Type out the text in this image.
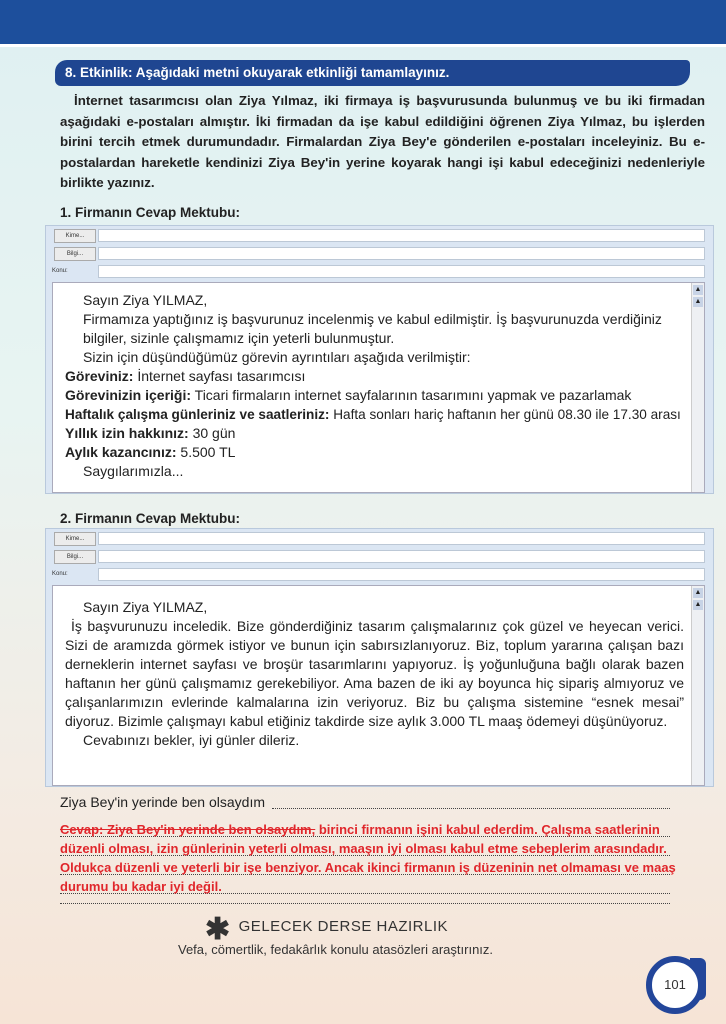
8. Etkinlik: Aşağıdaki metni okuyarak etkinliği tamamlayınız.
İnternet tasarımcısı olan Ziya Yılmaz, iki firmaya iş başvurusunda bulunmuş ve bu iki firmadan aşağıdaki e-postaları almıştır. İki firmadan da işe kabul edildiğini öğrenen Ziya Yılmaz, bu işlerden birini tercih etmek durumundadır. Firmalardan Ziya Bey'e gönderilen e-postaları inceleyiniz. Bu e-postalardan hareketle kendinizi Ziya Bey'in yerine koyarak hangi işi kabul edeceğinizi nedenleriyle birlikte yazınız.
1. Firmanın Cevap Mektubu:
Kime...
Bilgi...
Konu:

Sayın Ziya YILMAZ,

Firmamıza yaptığınız iş başvurunuz incelenmiş ve kabul edilmiştir. İş başvurunuzda verdiğiniz bilgiler, sizinle çalışmamız için yeterli bulunmuştur.

Sizin için düşündüğümüz görevin ayrıntıları aşağıda verilmiştir:

Göreviniz: İnternet sayfası tasarımcısı

Görevinizin içeriği: Ticari firmaların internet sayfalarının tasarımını yapmak ve pazarlamak

Haftalık çalışma günleriniz ve saatleriniz: Hafta sonları hariç haftanın her günü 08.30 ile 17.30 arası

Yıllık izin hakkınız: 30 gün

Aylık kazancınız: 5.500 TL

Saygılarımızla...

▲
▲
2. Firmanın Cevap Mektubu:
Kime...
Bilgi...
Konu:

Sayın Ziya YILMAZ,

İş başvurunuzu inceledik. Bize gönderdiğiniz tasarım çalışmalarınız çok güzel ve heyecan verici. Sizi de aramızda görmek istiyor ve bunun için sabırsızlanıyoruz. Biz, toplum yararına çalışan bazı derneklerin internet sayfası ve broşür tasarımlarını yapıyoruz. İş yoğunluğuna bağlı olarak bazen haftanın her günü çalışmamız gerekebiliyor. Ama bazen de iki ay boyunca hiç sipariş almıyoruz ve çalışanlarımızın evlerinde kalmalarına izin veriyoruz. Biz bu çalışma sistemine “esnek mesai” diyoruz. Bizimle çalışmayı kabul etiğiniz takdirde size aylık 3.000 TL maaş ödemeyi düşünüyoruz.

Cevabınızı bekler, iyi günler dileriz.

▲
▲
Ziya Bey'in yerinde ben olsaydım
Cevap: Ziya Bey'in yerinde ben olsaydım, birinci firmanın işini kabul ederdim. Çalışma saatlerinin düzenli olması, izin günlerinin yeterli olması, maaşın iyi olması kabul etme sebeplerim arasındadır. Oldukça düzenli ve yeterli bir işe benziyor. Ancak ikinci firmanın iş düzeninin net olmaması ve maaş durumu bu kadar iyi değil.
✱ GELECEK DERSE HAZIRLIK
Vefa, cömertlik, fedakârlık konulu atasözleri araştırınız.
101
